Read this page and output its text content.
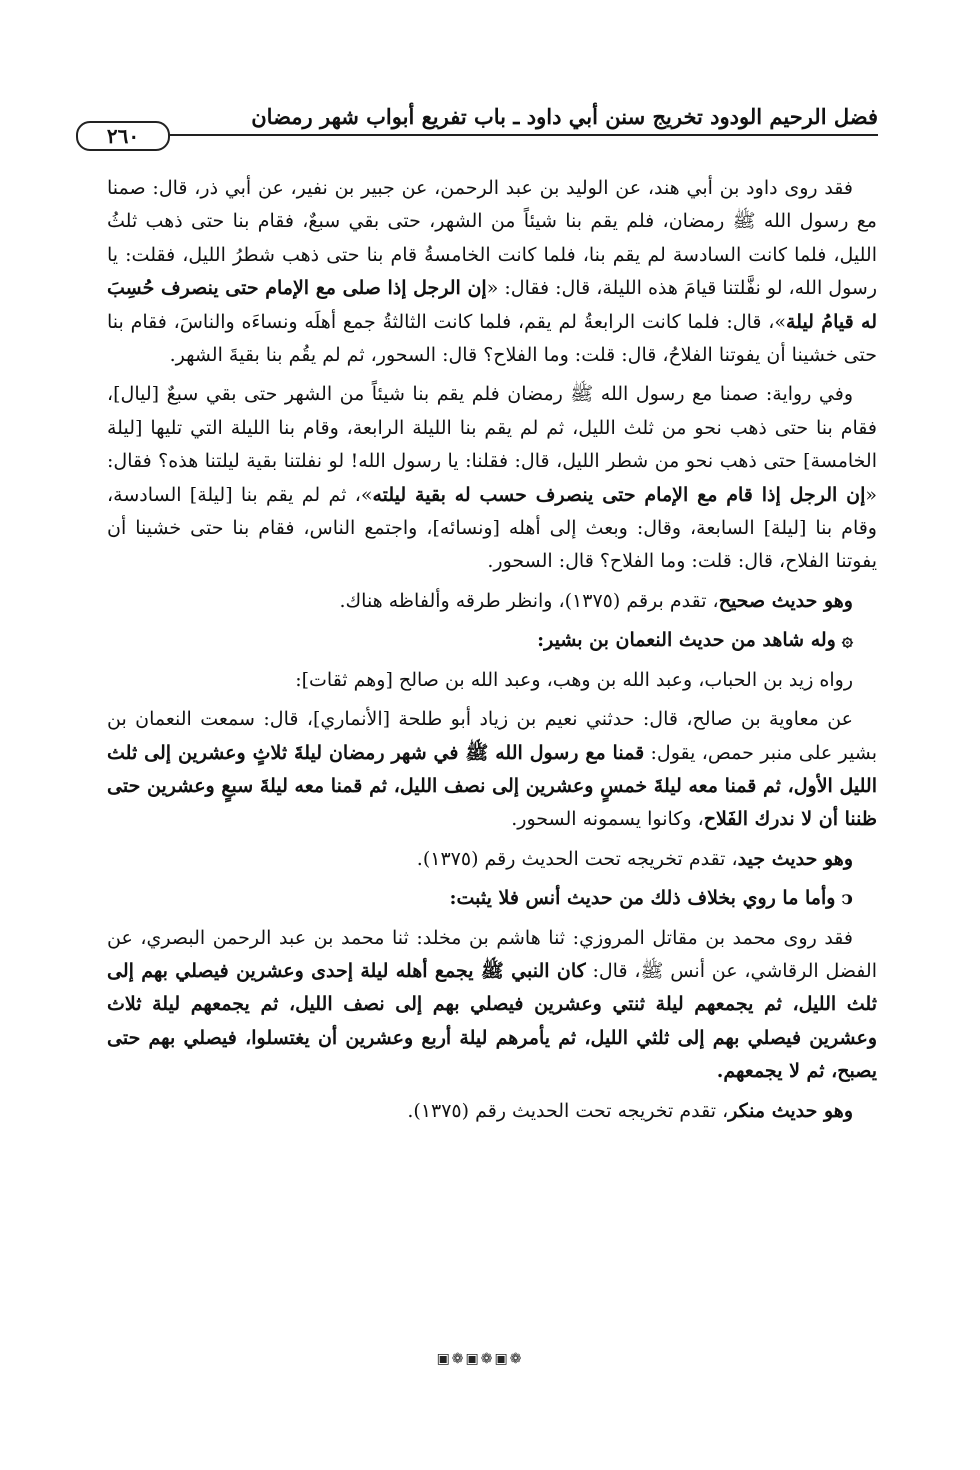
فضل الرحيم الودود تخريج سنن أبي داود ـ باب تفريع أبواب شهر رمضان
٢٦٠

فقد روى داود بن أبي هند، عن الوليد بن عبد الرحمن، عن جبير بن نفير، عن أبي ذر، قال: صمنا مع رسول الله ﷺ رمضان، فلم يقم بنا شيئاً من الشهر، حتى بقي سبعٌ، فقام بنا حتى ذهب ثلثُ الليل، فلما كانت السادسة لم يقم بنا، فلما كانت الخامسةُ قام بنا حتى ذهب شطرُ الليل، فقلت: يا رسول الله، لو نفَّلتنا قيامَ هذه الليلة، قال: فقال: «إن الرجل إذا صلى مع الإمام حتى ينصرف حُسِبَ له قيامُ ليلة»، قال: فلما كانت الرابعةُ لم يقم، فلما كانت الثالثةُ جمع أهلَه ونساءَه والناسَ، فقام بنا حتى خشينا أن يفوتنا الفلاحُ، قال: قلت: وما الفلاح؟ قال: السحور، ثم لم يقُم بنا بقيةَ الشهر.

وفي رواية: صمنا مع رسول الله ﷺ رمضان فلم يقم بنا شيئاً من الشهر حتى بقي سبعٌ [ليال]، فقام بنا حتى ذهب نحو من ثلث الليل، ثم لم يقم بنا الليلة الرابعة، وقام بنا الليلة التي تليها [ليلة الخامسة] حتى ذهب نحو من شطر الليل، قال: فقلنا: يا رسول الله! لو نفلتنا بقية ليلتنا هذه؟ فقال: «إن الرجل إذا قام مع الإمام حتى ينصرف حسب له بقية ليلته»، ثم لم يقم بنا [ليلة] السادسة، وقام بنا [ليلة] السابعة، وقال: وبعث إلى أهله [ونسائه]، واجتمع الناس، فقام بنا حتى خشينا أن يفوتنا الفلاح، قال: قلت: وما الفلاح؟ قال: السحور.

وهو حديث صحيح، تقدم برقم (١٣٧٥)، وانظر طرقه وألفاظه هناك.

۞وله شاهد من حديث النعمان بن بشير:

رواه زيد بن الحباب، وعبد الله بن وهب، وعبد الله بن صالح [وهم ثقات]:

عن معاوية بن صالح، قال: حدثني نعيم بن زياد أبو طلحة [الأنماري]، قال: سمعت النعمان بن بشير على منبر حمص، يقول: قمنا مع رسول الله ﷺ في شهر رمضان ليلةَ ثلاثٍ وعشرين إلى ثلث الليل الأول، ثم قمنا معه ليلةَ خمسٍ وعشرين إلى نصف الليل، ثم قمنا معه ليلةَ سبعٍ وعشرين حتى ظننا أن لا ندرك الفَلاح، وكانوا يسمونه السحور.

وهو حديث جيد، تقدم تخريجه تحت الحديث رقم (١٣٧٥).

ↄوأما ما روي بخلاف ذلك من حديث أنس فلا يثبت:

فقد روى محمد بن مقاتل المروزي: ثنا هاشم بن مخلد: ثنا محمد بن عبد الرحمن البصري، عن الفضل الرقاشي، عن أنس ﷺ، قال: كان النبي ﷺ يجمع أهله ليلة إحدى وعشرين فيصلي بهم إلى ثلث الليل، ثم يجمعهم ليلة ثنتي وعشرين فيصلي بهم إلى نصف الليل، ثم يجمعهم ليلة ثلاث وعشرين فيصلي بهم إلى ثلثي الليل، ثم يأمرهم ليلة أربع وعشرين أن يغتسلوا، فيصلي بهم حتى يصبح، ثم لا يجمعهم.

وهو حديث منكر، تقدم تخريجه تحت الحديث رقم (١٣٧٥).

❁▣❁▣❁▣
